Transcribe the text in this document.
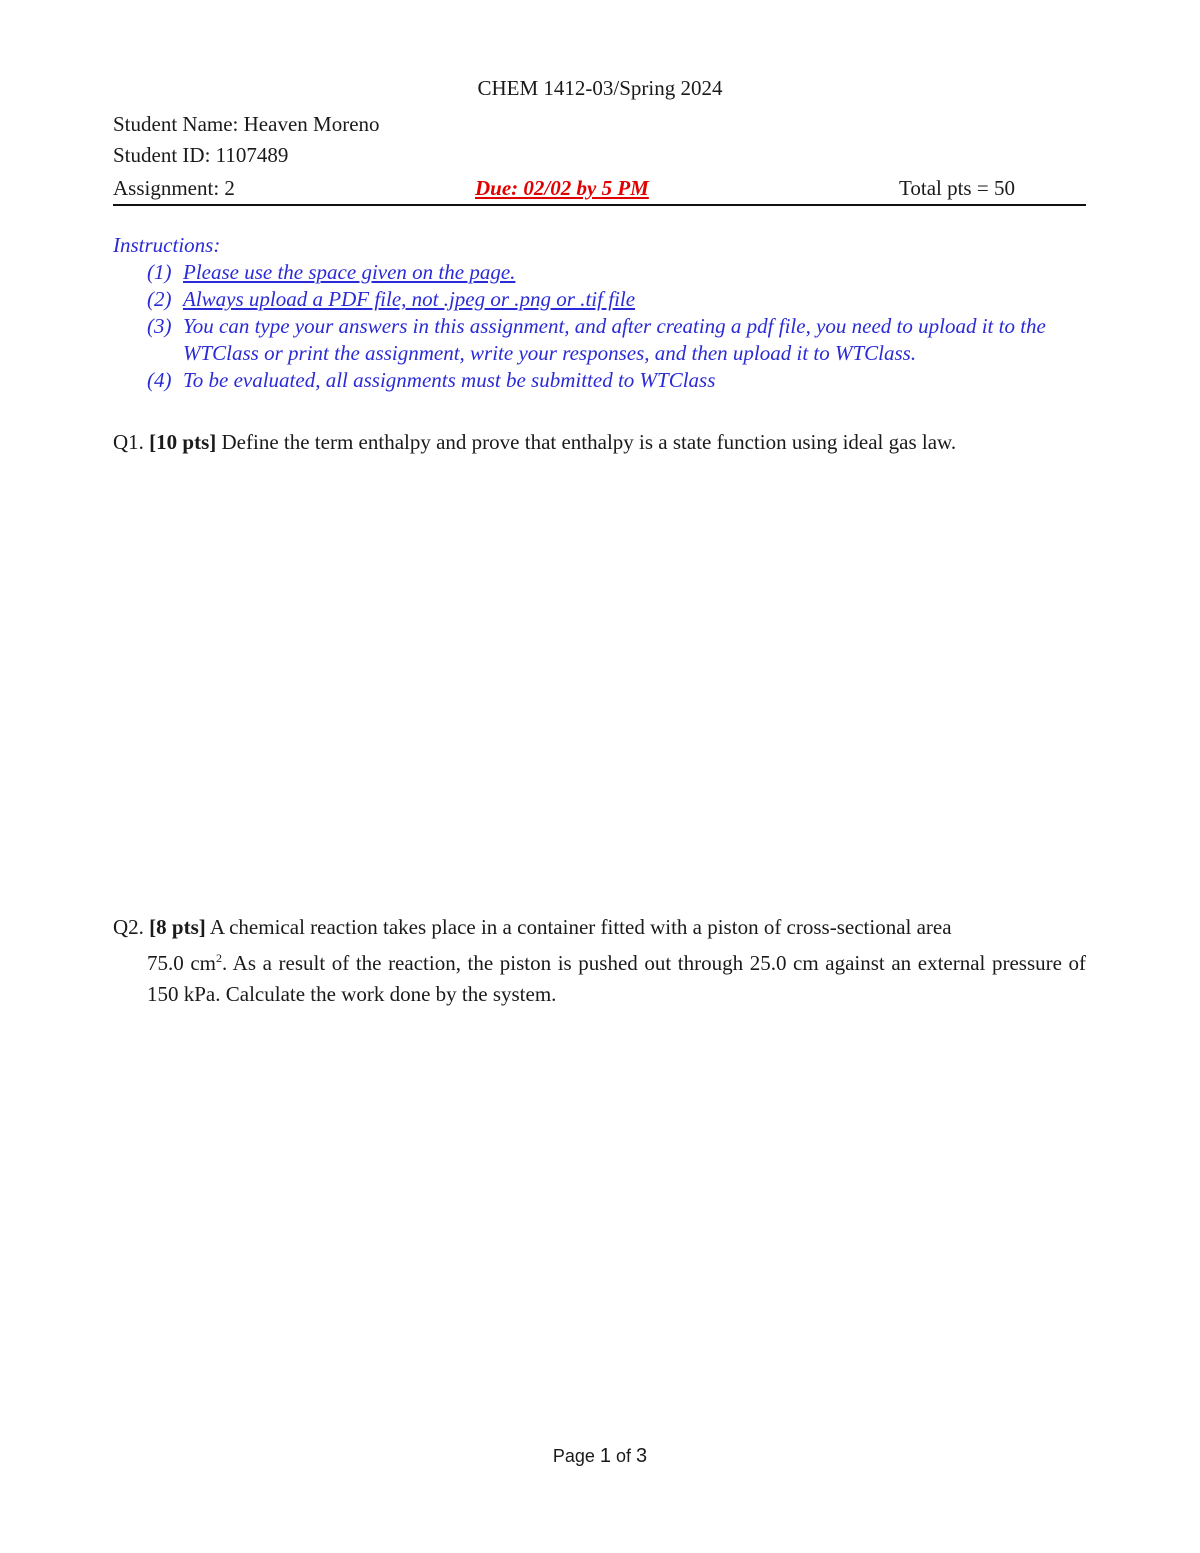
CHEM 1412-03/Spring 2024
Student Name: Heaven Moreno
Student ID: 1107489
Assignment: 2	Due: 02/02 by 5 PM	Total pts = 50
Instructions:
(1) Please use the space given on the page.
(2) Always upload a PDF file, not .jpeg or .png or .tif file
(3) You can type your answers in this assignment, and after creating a pdf file, you need to upload it to the WTClass or print the assignment, write your responses, and then upload it to WTClass.
(4) To be evaluated, all assignments must be submitted to WTClass
Q1. [10 pts] Define the term enthalpy and prove that enthalpy is a state function using ideal gas law.
Q2. [8 pts] A chemical reaction takes place in a container fitted with a piston of cross-sectional area
75.0 $cm^2$. As a result of the reaction, the piston is pushed out through 25.0 cm against an external pressure of 150 kPa. Calculate the work done by the system.
Page 1 of 3
